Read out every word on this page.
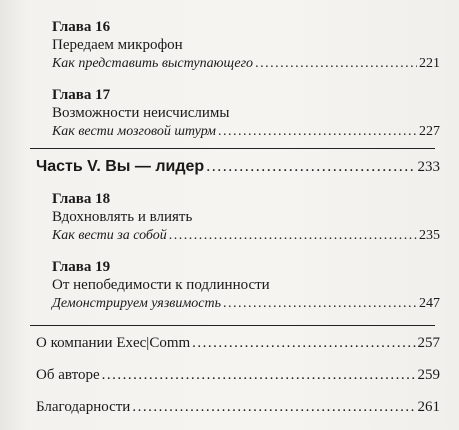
Глава 16
Передаем микрофон
Как представить выступающего .....	221
Глава 17
Возможности неисчислимы
Как вести мозговой штурм .....	227
Часть V. Вы — лидер .....	233
Глава 18
Вдохновлять и влиять
Как вести за собой .....	235
Глава 19
От непобедимости к подлинности
Демонстрируем уязвимость .....	247
О компании Exec|Comm .....	257
Об авторе .....	259
Благодарности .....	261
